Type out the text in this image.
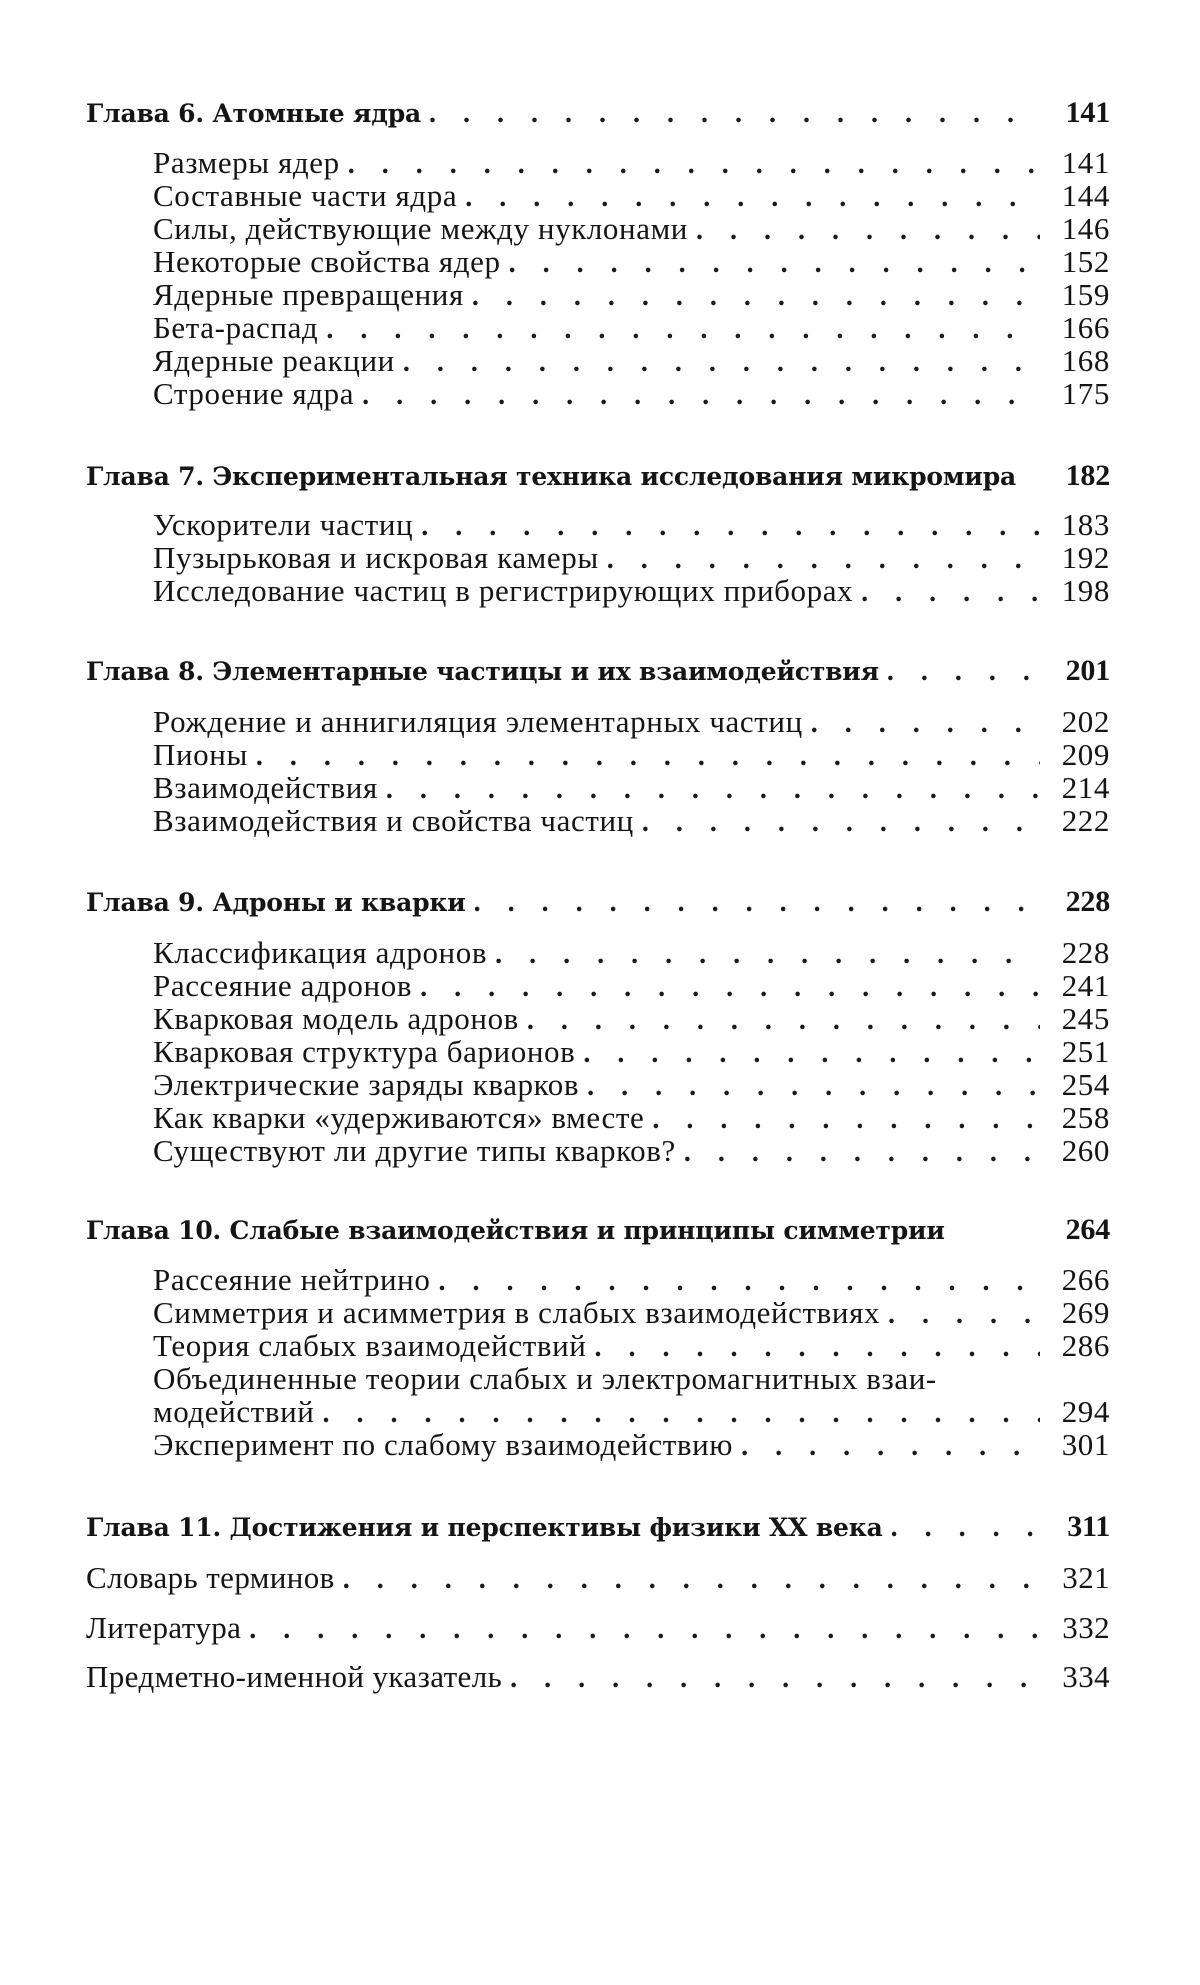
Глава 6. Атомные ядра
. . .	141
Размеры ядер
. . .	141
Составные части ядра
. . .	144
Силы, действующие между нуклонами
. . .	146
Некоторые свойства ядер
. . .	152
Ядерные превращения
. . .	159
Бета-распад
. . .	166
Ядерные реакции
. . .	168
Строение ядра
. . .	175
Глава 7. Экспериментальная техника исследования микромира	182
Ускорители частиц
. . .	183
Пузырьковая и искровая камеры
. . .	192
Исследование частиц в регистрирующих приборах
. . .	198
Глава 8. Элементарные частицы и их взаимодействия
. . .	201
Рождение и аннигиляция элементарных частиц
. . .	202
Пионы
. . .	209
Взаимодействия
. . .	214
Взаимодействия и свойства частиц
. . .	222
Глава 9. Адроны и кварки
. . .	228
Классификация адронов
. . .	228
Рассеяние адронов
. . .	241
Кварковая модель адронов
. . .	245
Кварковая структура барионов
. . .	251
Электрические заряды кварков
. . .	254
Как кварки «удерживаются» вместе
. . .	258
Существуют ли другие типы кварков?
. . .	260
Глава 10. Слабые взаимодействия и принципы симметрии	264
Рассеяние нейтрино
. . .	266
Симметрия и асимметрия в слабых взаимодействиях
. . .	269
Теория слабых взаимодействий
. . .	286
Объединенные теории слабых и электромагнитных взаи-
модействий
. . .	294
Эксперимент по слабому взаимодействию
. . .	301
Глава 11. Достижения и перспективы физики XX века
. . .	311
Словарь терминов
. . .	321
Литература
. . .	332
Предметно-именной указатель
. . .	334
